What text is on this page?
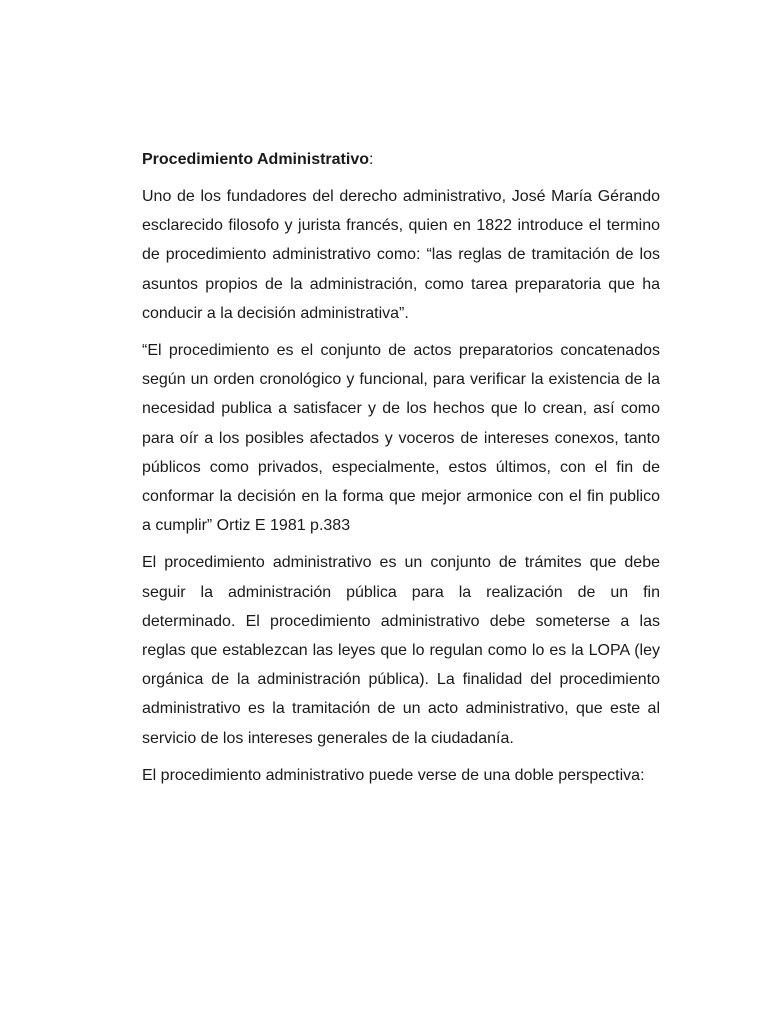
Procedimiento Administrativo:

Uno de los fundadores del derecho administrativo, José María Gérando esclarecido filosofo y jurista francés, quien en 1822 introduce el termino de procedimiento administrativo como: “las reglas de tramitación de los asuntos propios de la administración, como tarea preparatoria que ha conducir a la decisión administrativa”.

“El procedimiento es el conjunto de actos preparatorios concatenados según un orden cronológico y funcional, para verificar la existencia de la necesidad publica a satisfacer y de los hechos que lo crean, así como para oír a los posibles afectados y voceros de intereses conexos, tanto públicos como privados, especialmente, estos últimos, con el fin de conformar la decisión en la forma que mejor armonice con el fin publico a cumplir” Ortiz E 1981 p.383

El procedimiento administrativo es un conjunto de trámites que debe seguir la administración pública para la realización de un fin determinado. El procedimiento administrativo debe someterse a las reglas que establezcan las leyes que lo regulan como lo es la LOPA (ley orgánica de la administración pública). La finalidad del procedimiento administrativo es la tramitación de un acto administrativo, que este al servicio de los intereses generales de la ciudadanía.

El procedimiento administrativo puede verse de una doble perspectiva:
